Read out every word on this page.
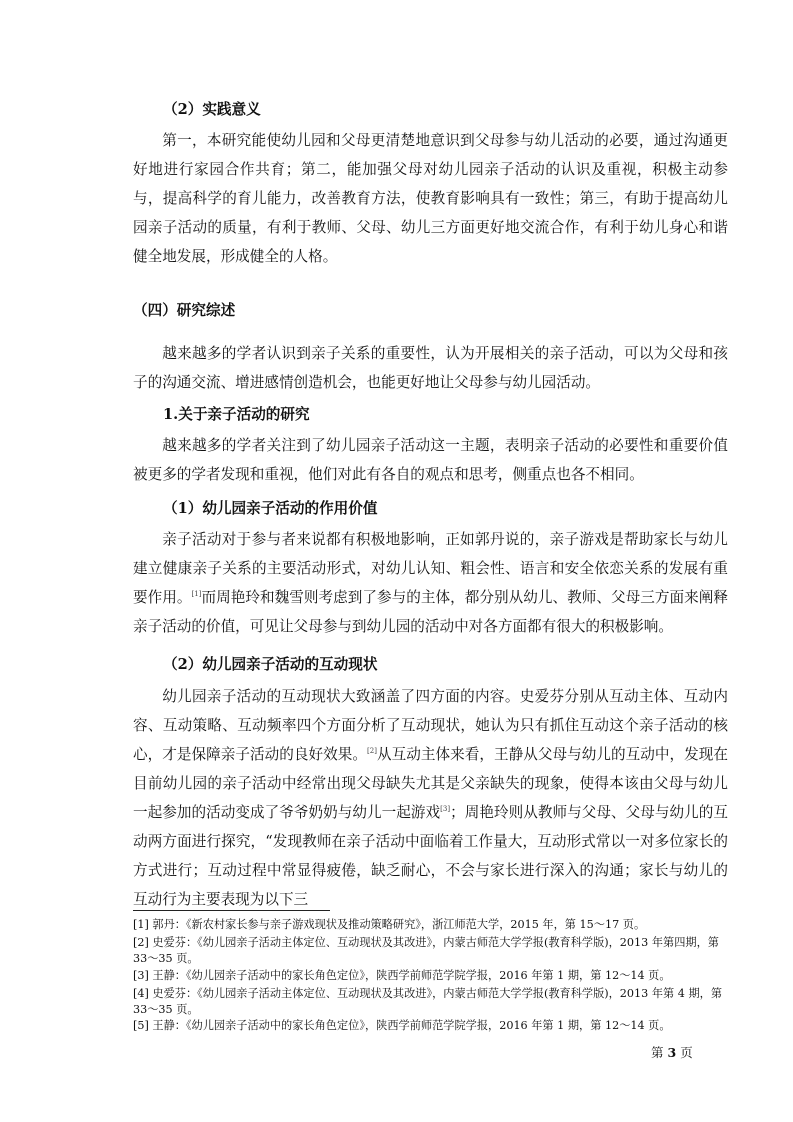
（2）实践意义

第一，本研究能使幼儿园和父母更清楚地意识到父母参与幼儿活动的必要，通过沟通更好地进行家园合作共育；第二，能加强父母对幼儿园亲子活动的认识及重视，积极主动参与，提高科学的育儿能力，改善教育方法，使教育影响具有一致性；第三，有助于提高幼儿园亲子活动的质量，有利于教师、父母、幼儿三方面更好地交流合作，有利于幼儿身心和谐健全地发展，形成健全的人格。

（四）研究综述

越来越多的学者认识到亲子关系的重要性，认为开展相关的亲子活动，可以为父母和孩子的沟通交流、增进感情创造机会，也能更好地让父母参与幼儿园活动。

1.关于亲子活动的研究

越来越多的学者关注到了幼儿园亲子活动这一主题，表明亲子活动的必要性和重要价值被更多的学者发现和重视，他们对此有各自的观点和思考，侧重点也各不相同。

（1）幼儿园亲子活动的作用价值

亲子活动对于参与者来说都有积极地影响，正如郭丹说的，亲子游戏是帮助家长与幼儿建立健康亲子关系的主要活动形式，对幼儿认知、粗会性、语言和安全依恋关系的发展有重要作用。[1]而周艳玲和魏雪则考虑到了参与的主体，都分别从幼儿、教师、父母三方面来阐释亲子活动的价值，可见让父母参与到幼儿园的活动中对各方面都有很大的积极影响。

（2）幼儿园亲子活动的互动现状

幼儿园亲子活动的互动现状大致涵盖了四方面的内容。史爱芬分别从互动主体、互动内容、互动策略、互动频率四个方面分析了互动现状，她认为只有抓住互动这个亲子活动的核心，才是保障亲子活动的良好效果。[2]从互动主体来看，王静从父母与幼儿的互动中，发现在目前幼儿园的亲子活动中经常出现父母缺失尤其是父亲缺失的现象，使得本该由父母与幼儿一起参加的活动变成了爷爷奶奶与幼儿一起游戏[3]；周艳玲则从教师与父母、父母与幼儿的互动两方面进行探究，“发现教师在亲子活动中面临着工作量大，互动形式常以一对多位家长的方式进行；互动过程中常显得疲倦，缺乏耐心，不会与家长进行深入的沟通；家长与幼儿的互动行为主要表现为以下三

[1] 郭丹：《新农村家长参与亲子游戏现状及推动策略研究》，浙江师范大学，2015 年，第 15～17 页。

[2] 史爱芬：《幼儿园亲子活动主体定位、互动现状及其改进》，内蒙古师范大学学报(教育科学版)，2013 年第四期，第 33～35 页。

[3] 王静：《幼儿园亲子活动中的家长角色定位》，陕西学前师范学院学报，2016 年第 1 期，第 12～14 页。

[4] 史爱芬：《幼儿园亲子活动主体定位、互动现状及其改进》，内蒙古师范大学学报(教育科学版)，2013 年第 4 期，第 33～35 页。

[5] 王静：《幼儿园亲子活动中的家长角色定位》，陕西学前师范学院学报，2016 年第 1 期，第 12～14 页。

第 3 页
